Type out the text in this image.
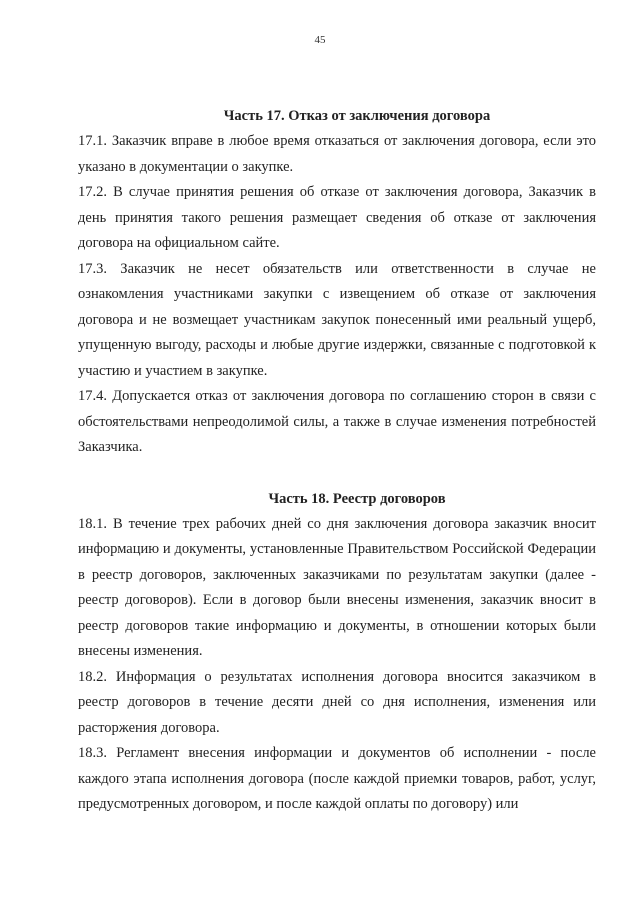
45
Часть 17. Отказ от заключения договора

17.1. Заказчик вправе в любое время отказаться от заключения договора, если это указано в документации о закупке.

17.2. В случае принятия решения об отказе от заключения договора, Заказчик в день принятия такого решения размещает сведения об отказе от заключения договора на официальном сайте.

17.3. Заказчик не несет обязательств или ответственности в случае не ознакомления участниками закупки с извещением об отказе от заключения договора и не возмещает участникам закупок понесенный ими реальный ущерб, упущенную выгоду, расходы и любые другие издержки, связанные с подготовкой к участию и участием в закупке.

17.4. Допускается отказ от заключения договора по соглашению сторон в связи с обстоятельствами непреодолимой силы, а также в случае изменения потребностей Заказчика.

Часть 18. Реестр договоров

18.1. В течение трех рабочих дней со дня заключения договора заказчик вносит информацию и документы, установленные Правительством Российской Федерации в реестр договоров, заключенных заказчиками по результатам закупки (далее - реестр договоров). Если в договор были внесены изменения, заказчик вносит в реестр договоров такие информацию и документы, в отношении которых были внесены изменения.

18.2. Информация о результатах исполнения договора вносится заказчиком в реестр договоров в течение десяти дней со дня исполнения, изменения или расторжения договора.

18.3. Регламент внесения информации и документов об исполнении - после каждого этапа исполнения договора (после каждой приемки товаров, работ, услуг, предусмотренных договором, и после каждой оплаты по договору) или
